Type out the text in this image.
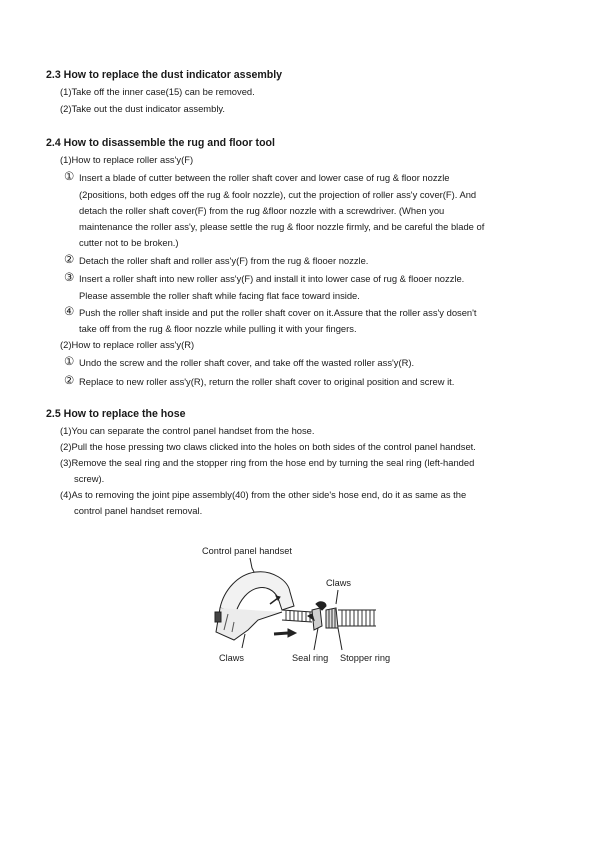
2.3 How to replace the dust indicator assembly
(1)Take off the inner case(15) can be removed.
(2)Take out the dust indicator assembly.
2.4 How to disassemble the rug and floor tool
(1)How to replace roller ass'y(F)
① Insert a blade of cutter between the roller shaft cover and lower case of rug & floor nozzle
(2positions, both edges off the rug & foolr nozzle), cut the projection of roller ass'y cover(F). And
detach the roller shaft cover(F) from the rug &floor nozzle with a screwdriver. (When you
maintenance the roller ass'y, please settle the rug & floor nozzle firmly, and be careful the blade of
cutter not to be broken.)
② Detach the roller shaft and roller ass'y(F) from the rug & flooer nozzle.
③ Insert a roller shaft into new roller ass'y(F) and install it into lower case of rug & flooer nozzle.
Please assemble the roller shaft while facing flat face toward inside.
④ Push the roller shaft inside and put the roller shaft cover on it.Assure that the roller ass'y dosen't
take off from the rug & floor nozzle while pulling it with your fingers.
(2)How to replace roller ass'y(R)
① Undo the screw and the roller shaft cover, and take off the wasted roller ass'y(R).
② Replace to new roller ass'y(R), return the roller shaft cover to original position and screw it.
2.5 How to replace the hose
(1)You can separate the control panel handset from the hose.
(2)Pull the hose pressing two claws clicked into the holes on both sides of the control panel handset.
(3)Remove the seal ring and the stopper ring from the hose end by turning the seal ring (left-handed
screw).
(4)As to removing the joint pipe assembly(40) from the other side's hose end, do it as same as the
control panel handset removal.
Control panel handset
Claws
Claws	Seal ring Stopper ring
